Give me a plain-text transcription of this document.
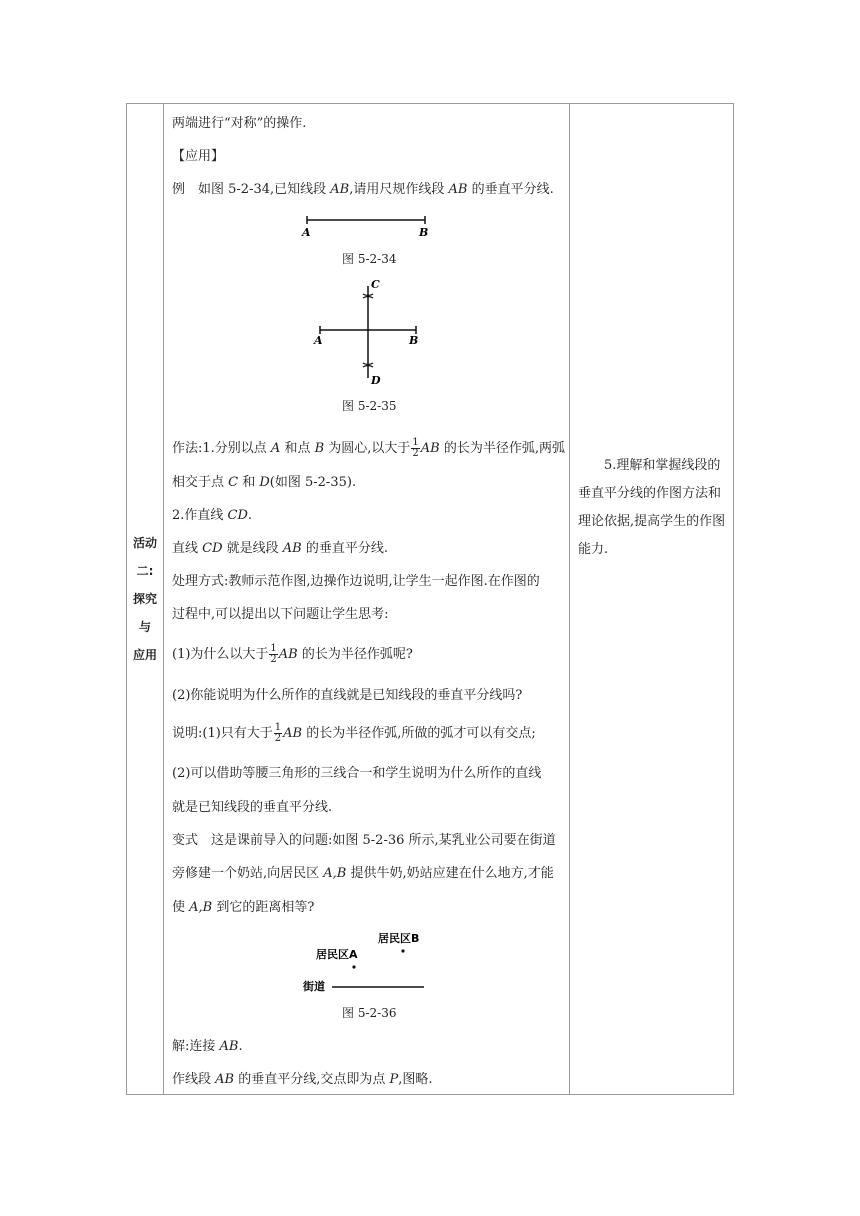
活动
二:
探究
与
应用
两端进行“对称”的操作.
【应用】
例　如图 5-2-34,已知线段 AB,请用尺规作线段 AB 的垂直平分线.
A	B
图 5-2-34
C
D
A	B
图 5-2-35
作法:1.分别以点 A 和点 B 为圆心,以大于 $\frac{1}{2}$ AB 的长为半径作弧,两弧
相交于点 C 和 D(如图 5-2-35).
2.作直线 CD.
直线 CD 就是线段 AB 的垂直平分线.
处理方式:教师示范作图,边操作边说明,让学生一起作图.在作图的
过程中,可以提出以下问题让学生思考:
(1)为什么以大于 $\frac{1}{2}$ AB 的长为半径作弧呢?
(2)你能说明为什么所作的直线就是已知线段的垂直平分线吗?
说明:(1)只有大于 $\frac{1}{2}$ AB 的长为半径作弧,所做的弧才可以有交点;
(2)可以借助等腰三角形的三线合一和学生说明为什么所作的直线
就是已知线段的垂直平分线.
变式　这是课前导入的问题:如图 5-2-36 所示,某乳业公司要在街道
旁修建一个奶站,向居民区 A,B 提供牛奶,奶站应建在什么地方,才能
使 A,B 到它的距离相等?
居民区B
居民区A
街道
图 5-2-36
解:连接 AB.
作线段 AB 的垂直平分线,交点即为点 P,图略.
5.理解和掌握线段的垂直平分线的作图方法和理论依据,提高学生的作图能力.
